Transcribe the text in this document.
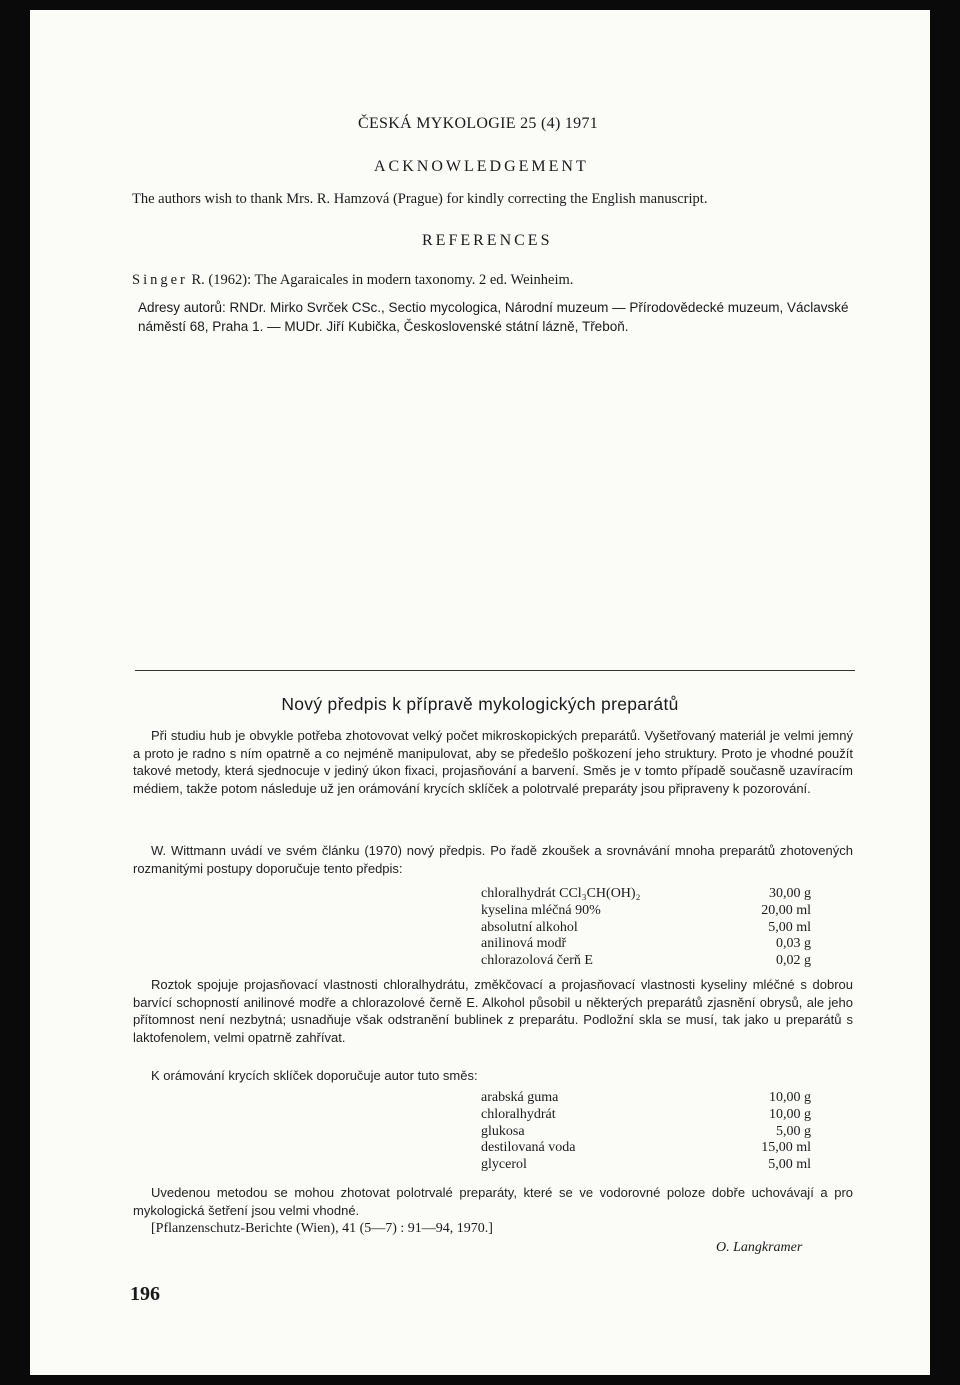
ČESKÁ MYKOLOGIE 25 (4) 1971
ACKNOWLEDGEMENT
The authors wish to thank Mrs. R. Hamzová (Prague) for kindly correcting the English manuscript.
REFERENCES
Singer R. (1962): The Agaraicales in modern taxonomy. 2 ed. Weinheim.
Adresy autorů: RNDr. Mirko Svrček CSc., Sectio mycologica, Národní muzeum — Přírodovědecké muzeum, Václavské náměstí 68, Praha 1. — MUDr. Jiří Kubička, Československé státní lázně, Třeboň.
Nový předpis k přípravě mykologických preparátů
Při studiu hub je obvykle potřeba zhotovovat velký počet mikroskopických preparátů. Vyšetřovaný materiál je velmi jemný a proto je radno s ním opatrně a co nejméně manipulovat, aby se předešlo poškození jeho struktury. Proto je vhodné použít takové metody, která sjednocuje v jediný úkon fixaci, projasňování a barvení. Směs je v tomto případě současně uzavíracím médiem, takže potom následuje už jen orámování krycích sklíček a polotrvalé preparáty jsou připraveny k pozorování.
W. Wittmann uvádí ve svém článku (1970) nový předpis. Po řadě zkoušek a srovnávání mnoha preparátů zhotovených rozmanitými postupy doporučuje tento předpis:
chloralhydrát CCl₃CH(OH)₂	30,00 g
kyselina mléčná 90%	20,00 ml
absolutní alkohol	5,00 ml
anilinová modř	0,03 g
chlorazolová čerň E	0,02 g
Roztok spojuje projasňovací vlastnosti chloralhydrátu, změkčovací a projasňovací vlastnosti kyseliny mléčné s dobrou barvící schopností anilinové modře a chlorazolové černě E. Alkohol působil u některých preparátů zjasnění obrysů, ale jeho přítomnost není nezbytná; usnadňuje však odstranění bublinek z preparátu. Podložní skla se musí, tak jako u preparátů s laktofenolem, velmi opatrně zahřívat.
K orámování krycích sklíček doporučuje autor tuto směs:
arabská guma	10,00 g
chloralhydrát	10,00 g
glukosa	5,00 g
destilovaná voda	15,00 ml
glycerol	5,00 ml
Uvedenou metodou se mohou zhotovat polotrvalé preparáty, které se ve vodorovné poloze dobře uchovávají a pro mykologická šetření jsou velmi vhodné.
[Pflanzenschutz-Berichte (Wien), 41 (5—7) : 91—94, 1970.]
O. Langkramer
196
